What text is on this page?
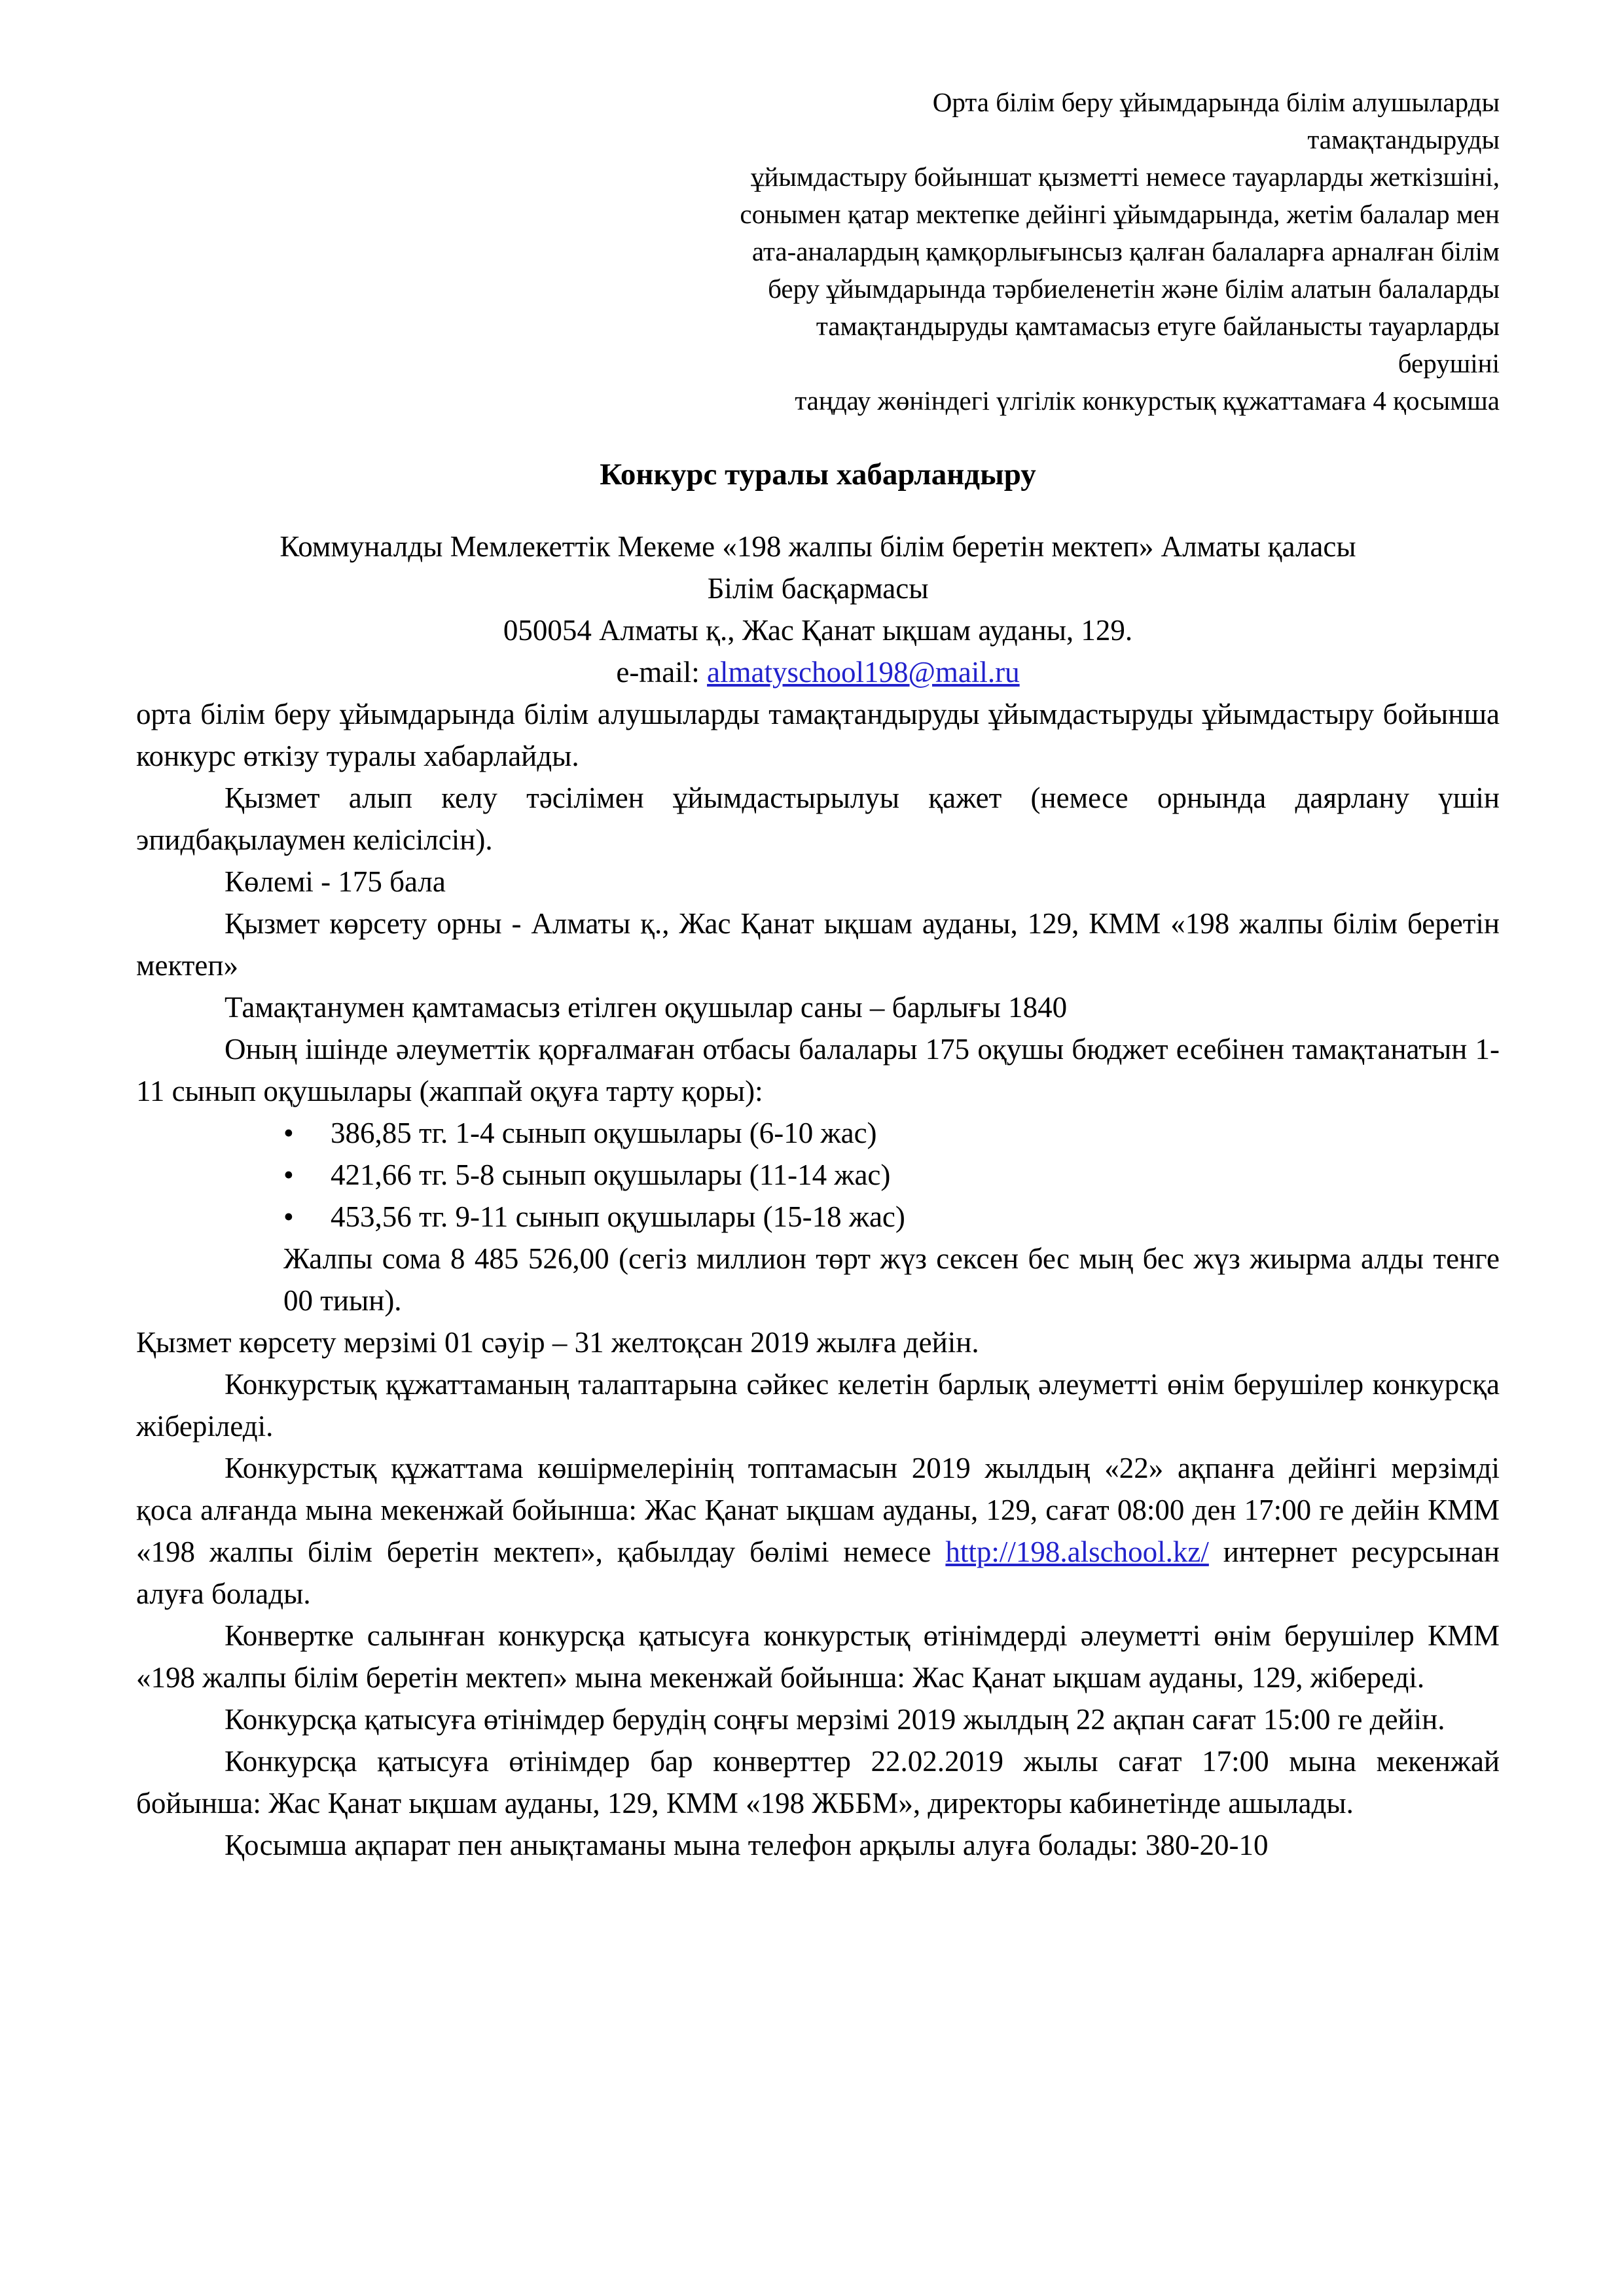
Орта білім беру ұйымдарында білім алушыларды тамақтандыруды
ұйымдастыру бойыншат қызметті немесе тауарларды жеткізшіні,
сонымен қатар мектепке дейінгі ұйымдарында, жетім балалар мен
ата-аналардың қамқорлығынсыз қалған балаларға арналған білім
беру ұйымдарында тәрбиеленетін және білім алатын балаларды
тамақтандыруды қамтамасыз етуге байланысты тауарларды берушіні
таңдау жөніндегі үлгілік конкурстық құжаттамаға 4 қосымша
Конкурс туралы хабарландыру
Коммуналды Мемлекеттік Мекеме «198 жалпы білім беретін мектеп» Алматы қаласы
Білім басқармасы
050054 Алматы қ., Жас Қанат ықшам ауданы, 129.
e-mail: almatyschool198@mail.ru

орта білім беру ұйымдарында білім алушыларды тамақтандыруды ұйымдастыруды ұйымдастыру бойынша конкурс өткізу туралы хабарлайды.

Қызмет алып келу тәсілімен ұйымдастырылуы қажет (немесе орнында даярлану үшін эпидбақылаумен келісілсін).

Көлемі - 175 бала

Қызмет көрсету орны - Алматы қ., Жас Қанат ықшам ауданы, 129, КММ «198 жалпы білім беретін мектеп»

Тамақтанумен қамтамасыз етілген оқушылар саны – барлығы 1840

Оның ішінде әлеуметтік қорғалмаған отбасы балалары 175 оқушы бюджет есебінен тамақтанатын 1-11 сынып оқушылары (жаппай оқуға тарту қоры):

•	386,85 тг. 1-4 сынып оқушылары (6-10 жас)
•	421,66 тг. 5-8 сынып оқушылары (11-14 жас)
•	453,56 тг. 9-11 сынып оқушылары (15-18 жас)

Жалпы сома 8 485 526,00 (сегіз миллион төрт жүз сексен бес мың бес жүз жиырма алды тенге 00 тиын).

Қызмет көрсету мерзімі 01 сәуір – 31 желтоқсан 2019 жылға дейін.

Конкурстық құжаттаманың талаптарына сәйкес келетін барлық әлеуметті өнім берушілер конкурсқа жіберіледі.

Конкурстық құжаттама көшірмелерінің топтамасын 2019 жылдың «22» ақпанға дейінгі мерзімді қоса алғанда мына мекенжай бойынша: Жас Қанат ықшам ауданы, 129, сағат 08:00 ден 17:00 ге дейін КММ «198 жалпы білім беретін мектеп», қабылдау бөлімі немесе http://198.alschool.kz/ интернет ресурсынан алуға болады.

Конвертке салынған конкурсқа қатысуға конкурстық өтінімдерді әлеуметті өнім берушілер КММ «198 жалпы білім беретін мектеп» мына мекенжай бойынша: Жас Қанат ықшам ауданы, 129, жібереді.

Конкурсқа қатысуға өтінімдер берудің соңғы мерзімі 2019 жылдың 22 ақпан сағат 15:00 ге дейін.

Конкурсқа қатысуға өтінімдер бар конверттер 22.02.2019 жылы сағат 17:00 мына мекенжай бойынша: Жас Қанат ықшам ауданы, 129, КММ «198 ЖББМ», директоры кабинетінде ашылады.

Қосымша ақпарат пен анықтаманы мына телефон арқылы алуға болады: 380-20-10
